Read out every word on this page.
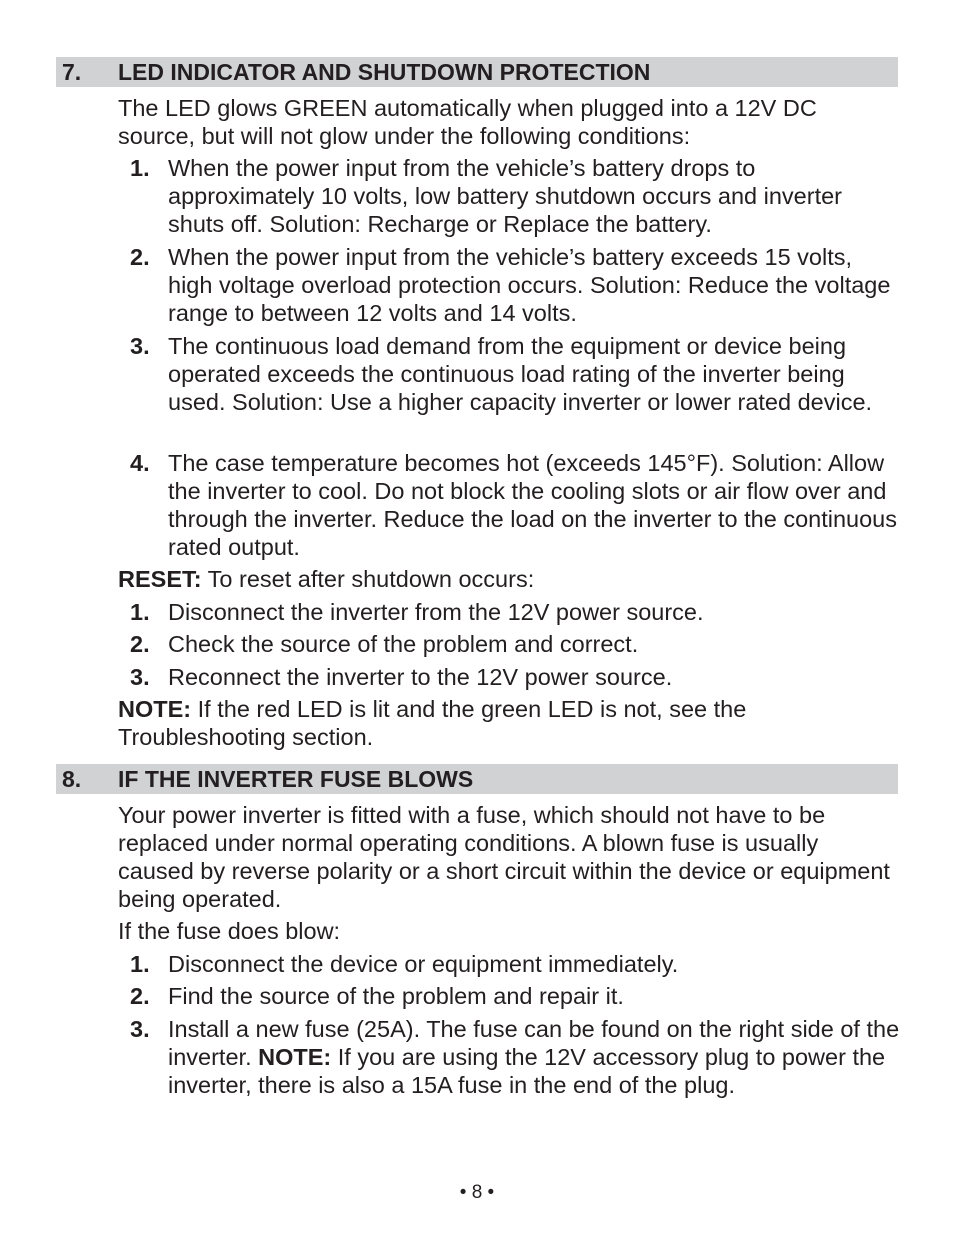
7. LED INDICATOR AND SHUTDOWN PROTECTION
The LED glows GREEN automatically when plugged into a 12V DC source, but will not glow under the following conditions:
1. When the power input from the vehicle’s battery drops to approximately 10 volts, low battery shutdown occurs and inverter shuts off. Solution: Recharge or Replace the battery.
2. When the power input from the vehicle’s battery exceeds 15 volts, high voltage overload protection occurs. Solution: Reduce the voltage range to between 12 volts and 14 volts.
3. The continuous load demand from the equipment or device being operated exceeds the continuous load rating of the inverter being used. Solution: Use a higher capacity inverter or lower rated device.
4. The case temperature becomes hot (exceeds 145°F). Solution: Allow the inverter to cool. Do not block the cooling slots or air flow over and through the inverter. Reduce the load on the inverter to the continuous rated output.
RESET: To reset after shutdown occurs:
1. Disconnect the inverter from the 12V power source.
2. Check the source of the problem and correct.
3. Reconnect the inverter to the 12V power source.
NOTE: If the red LED is lit and the green LED is not, see the Troubleshooting section.
8. IF THE INVERTER FUSE BLOWS
Your power inverter is fitted with a fuse, which should not have to be replaced under normal operating conditions. A blown fuse is usually caused by reverse polarity or a short circuit within the device or equipment being operated.
If the fuse does blow:
1. Disconnect the device or equipment immediately.
2. Find the source of the problem and repair it.
3. Install a new fuse (25A). The fuse can be found on the right side of the inverter. NOTE: If you are using the 12V accessory plug to power the inverter, there is also a 15A fuse in the end of the plug.
• 8 •
